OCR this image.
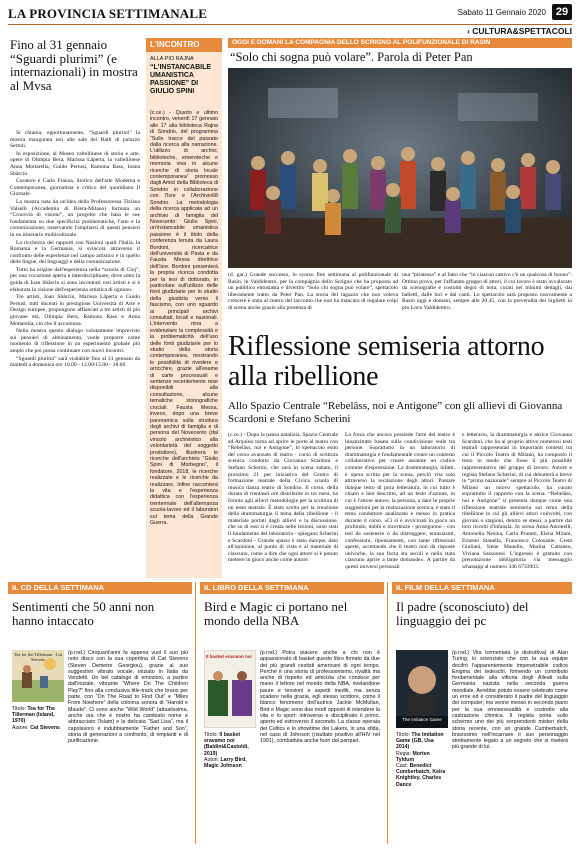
LA PROVINCIA SETTIMANALE	Sabato 11 Gennaio 2020 29
› CULTURA&SPETTACOLI
Fino al 31 gennaio “Sguardi plurimi” (e internazionali) in mostra al Mvsa

Si chiama, opportunamente, “Sguardi plurimi” la mostra inaugurata ieri alle sale dei Balli di palazzo Sertoli.

In esposizione, al Museo valtellinese di storia e arte, opere di Olimpia Bera, Marissa Lâperta, la valtellinese Anna Mottarella, Guido Pertusi, Ramona Rass, Ioana Sbârciu.

Curatore è Carlo Franza, Storico dell'arte Moderna e Contemporanea, giornalista e critico del quotidiano Il Giornale.

La mostra nata da un'idea della Professoressa Tiziana Valselli (Accademia di Brera-Milano) formula un “Crocevia di visioni”, un progetto che basa le sue fondamenta su due specificità problematiche, l'arte e la comunicazione, osservando l'ampliarsi di questi pensieri in un itinerario multiculturale.

La ricchezza dei rapporti con Nazioni quali l'Italia, la Romania e la Germania, si svincola attraverso il confronto delle esperienze nel campo artistico e in quello delle lingue, dei linguaggi e della comunicazione.

Tutto ha origine dall'esperienza nella “scuola di Cluj”, per una vocazione aperta e interdisciplinare, dove sotto la guida di Ioan Sbârciu si sono incontrati vari artisti e si è elaborata la visione dell'esperienza artistica di ognuno.

Tre artisti, Ioan Sbârciu, Marissa Lâperta e Guido Pertusi, tutti docenti in prestigiose Università di Arte e Design europee, propongono affiancati a tre artisti di più giovane età, Olimpia Bera, Ramona Rass e Anna Mottarella, ciò che li accomuna.

Nella mostra questo dialogo volutamente imprevisto sui pensieri di abbinamento, vuole proporre come momento di riflessione in un esperimento globale più ampio che poi possa continuare con nuovi incontri.

“Sguardi plurimi” sarà visitabile fino al 31 gennaio da martedì a domenica ore 10.00 - 12.00/15.00 - 18.00.

L'INCONTRO
ALLA PIO RAJNA
“L'INSTANCABILE UMANISTICA PASSIONE” DI GIULIO SPINI
(c.ce.) - Quarto e ultimo incontro, venerdì 17 gennaio alle 17 alla biblioteca Rajna di Sondrio, del programma “Sulle tracce del passato dalla ricerca alla narrazione. L'utilizzo di archivi, biblioteche, emeroteche e memoria viva in alcune ricerche di storia locale contemporanea” promosso dagli Amici della Biblioteca di Sondrio in collaborazione con l'Isre e l'Archivio68 Sondrio. La metodologia della ricerca applicata ad un archivio di famiglia del Novecento: Giulio Spini, un'instancabile umanistica passione è il titolo della conferenza tenuta da Laura Bordoni, ricercatrice dell'università di Pavia e da Fausta Messa direttrice dell'Isre. Bordoni presenterà la propria ricerca condotta per la tesi di dottorato, in particolare sull'utilizzo delle fonti giudiziarie per lo studio della giustizia verso il fascismo, con uno sguardo ai principali archivi consultati, locali e nazionali. L'intervento mira a evidenziare la complessità e la problematicità dell'uso delle fonti giudiziarie per lo studio della storia contemporanea, mostrando le possibilità di rivedere e arricchire, grazie all'esame di carte processuali e sentenze recentemente rese disponibili alla consultazione, alcune tematiche storiografiche cruciali. Fausta Messa, invece, dopo una breve panoramica sulla struttura degli archivi di famiglia e di persona del Novecento (dal vincolo archivistico alla volontarietà del soggetto produttore), illustrerà le ricerche dell'archivio “Giulio Spini di Morbegno”, il fondatore, 2018, le ricerche realizzate e le ricerche da realizzare. Infine racconterà la vita e l'esperienza didattica con l'esperienza trentennale dell'alternanza scuola-lavoro ed il laboratori sul tema della Grande Guerra.
OGGI E DOMANI LA COMPAGNIA DELLO SCRIGNO AL POLIFUNZIONALE DI RASIN
“Solo chi sogna può volare”. Parola di Peter Pan
(d. gar.) Grande successo, lo scorso fine settimana al polifunzionale di Rasin, in Valdidentro, per la compagnia dello Scrigno che ha proposto ad un pubblico entusiasta e divertito “Solo chi sogna può volare”, spettacolo liberamente tratto da Peter Pan. La storia del ragazzo che non voleva crescere è stata al centro del racconto che non ha mancato di regalare colpi di scena anche grazie alla presenza di
una “piratessa” e al fatto che “in ciascun cattivo c'è un qualcosa di buono”. Ottimo prova, per l'affiatato gruppo di attori, il cui lavoro è stato avvalorato da scenografie e costumi degni di nota, curati nei minimi dettagli, dai balletti, dalle luci e dai canti. Lo spettacolo sarà proposto nuovamente a Rasin oggi e domani, sempre alle 20.45, con la prevendita dei biglietti in pro Loco Valdidentro.
Riflessione semiseria attorno alla ribellione
Allo Spazio Centrale “Rebelâss, noi e Antigone” con gli allievi di Giovanna Scardoni e Stefano Scherini
(c.ce.) - Dopo la pausa natalizia, Spazio Centrale ad Arquino torna ad aprire le porte al teatro con “Rebelâss, noi e Antigone”, lo spettacolo esito del corso avanzato di teatro - corso di scrittura scenica condotto da Giovanna Scardoni e Stefano Scherini, che sarà in scena sabato, il prossimo 21 per iniziativa del Centro di formazione teatrale della Civica scuola di musica danza teatro di Sondrio. Il corso, della durata di trentasei ore distribuite in tre mesi, ha fornito agli allievi metodologie per la scrittura di un testo teatrale. È stato scelto per la creazione della drammaturgia il tema della ribellione - il materiale portati dagli allievi e la discussione, che su di essi si è creata nelle lezioni, sono stati il fondamento del laboratorio - spiegano Scherini e Scardoni - Grande spazio è stato dunque, dato all'opinione, al punto di vista e al materiale di ciascuno, come a dire che ogni attore si è potuto mettere in gioco anche come autore.
La forza che ancora possiede l'arte del teatro è innanzitutto basata sulla condivisione reale tra persone. Soprattutto in un laboratorio di drammaturgia e fondamentale creare un contesto collaborativo per creare assieme un codice comune d'espressione. La drammaturgia, infatti, è opera scritta per la scena, perciò vita solo attraverso la recitazione degli attori. Passare dunque testo di pura letteratura, in cui tutto è chiaro e ben descritto, ad un testo d'azione, in cui è l'attore autore, la persona, a dare le proprie suggestioni per la realizzazione scenica, è stato il tema conduttore analizzato e messo in pratica durante il corso. «Ci si è avvicinati in gioco un profondo, dubbi e incertezze - proseguono - con tesi da sostenere o da distruggere, entusiasmi, confessioni, ripensamenti, con tante riflessioni aperte, accettando che il teatro non dà risposte univoche, la sua forza sta secoli e nella stata ciascuno aprire a tante domande». A partire da questi universi personali
e letterario, la drammaturgia e attrice Giovanna Scardoni, che ha al proprio attivo numerosi testi teatrali rappresentati in importanti contesti tra cui il Piccolo Teatro di Milano, ha composto il testo in modo che fosse il più possibile rappresentativo del gruppo di lavoro. Autore e regista Stefano Scherini, di cui debutterà a breve in “prima nazionale” sempre al Piccolo Teatro di Milano un nuovo spettacolo, ha curato soprattutto il rapporto con la scena. “Rebelâss, noi e Antigone” si presenta dunque come una riflessione teatrale semiseria sul tema della ribellione in cui gli allievi attori coinvolti, con giovani o stagioni, dentro se stessi, a partire dai loro ricordi d'infanzia. In scena Anna Antonelli, Antonella Nesina, Carla Pruneti, Elena Milani, Ernesto Stanella, Francesco Colosante, Greta Giuliani, Irene Manello, Marina Cattaneo, Viviana Sassonesi. L'ingresso è gratuito con prenotazione obbligatoria via messaggio whatsapp al numero 346 6733903.
IL CD DELLA SETTIMANA
Sentimenti che 50 anni non hanno intaccato
Tea for the Tillerman · Cat Stevens
Titolo: Tea for The Tillerman (Island, 1970)
Autore: Cat Stevens
(p.rod.) Cinquant'anni fa appena vuol il suo più noto disco con la sua copertina di Cat Stevens (Steven Demetre Georgiou), grazie al suo suggestivo vibrato vocale, iniziato in Italia da Vendetti. Un bel catalogo di emozioni, a partire dall'iniziale, vibrante “Where Do The Children Play?” fino alla conclusiva title-track che brano per parte, con “On The Road to Find Out” e “Miles From Nowhere” della colonna sonora di “Harold e Maude”. Ci sono anche “Wild World” (attualissima, anche ora che è nostro ha cambiato nome e abbracciato l'Islam) e la delicata “Sad Lisa”, ma il capolavoro è indubbiamente “Father and Son”, storia di generazioni a confronto, di rimpianti e di purificazione.
IL LIBRO DELLA SETTIMANA
Bird e Magic ci portano nel mondo della NBA
Il basket eravamo noi
Titolo: Il basket eravamo noi (Baldini&Castoldi, 2019)
Autori: Larry Bird, Magic Johnson
(p.rod.) Potra piacere anche a chi non è appassionato di basket questo libro firmato da due dei più grandi cestisti americani di ogni tempo. Perché è una storia di professionismo, rivalità ma anche di rispetto ed amicizia che conduce per mano il lettore nel mondo della NBA, rivelandone paure e tensioni e aspetti inediti, ma senza scadere nella grazia, egli stesso scrittore, come il bianco fenomeno dell'autrice Jackie McMullan, Bird e Magic sono due modi opposti di intendere la vita e lo sport: introverso e disciplinato il primo, aperto ed estroverso il secondo. La classe operaia dei Celtics e lo showtime dei Lakers, in una sfida, nel caso di Johnson (risultato positivo all'HIV nel 1991), combattuta anche fuori dal parquet.
IL FILM DELLA SETTIMANA
Il padre (sconosciuto) del linguaggio dei pc
The Imitation Game
Titolo: The Imitation Game (GB, Usa 2014)
Regia: Morten Tyldum
Cast: Benedict Cumberbatch, Keira Knightley, Charles Dance
(p.rod.) Vita tormentata (e distruttiva) di Alan Turing, lo scienziato che con la sua equipe decifrò l'apparentemente impenetrabile codice Enigma dei tedeschi, fornendo un contributo fondamentale alla vittoria degli Alleati sulla Germania nazista nella seconda guerra mondiale. Avrebbe potuto essere celebrato come un eroe ed è considerato il padre del linguaggio dei computer; ma venne messo in secondo piano per la sua omosessualità e costretto alla castrazione chimica. Il regista porta sullo schermo uno dei più sorprendenti misteri della storia recente, con un grande Cumberbatch, bravissimo nell'incarnare il suo personaggio strettamente legato a un segreto che si rivelerà più grande di lui.
